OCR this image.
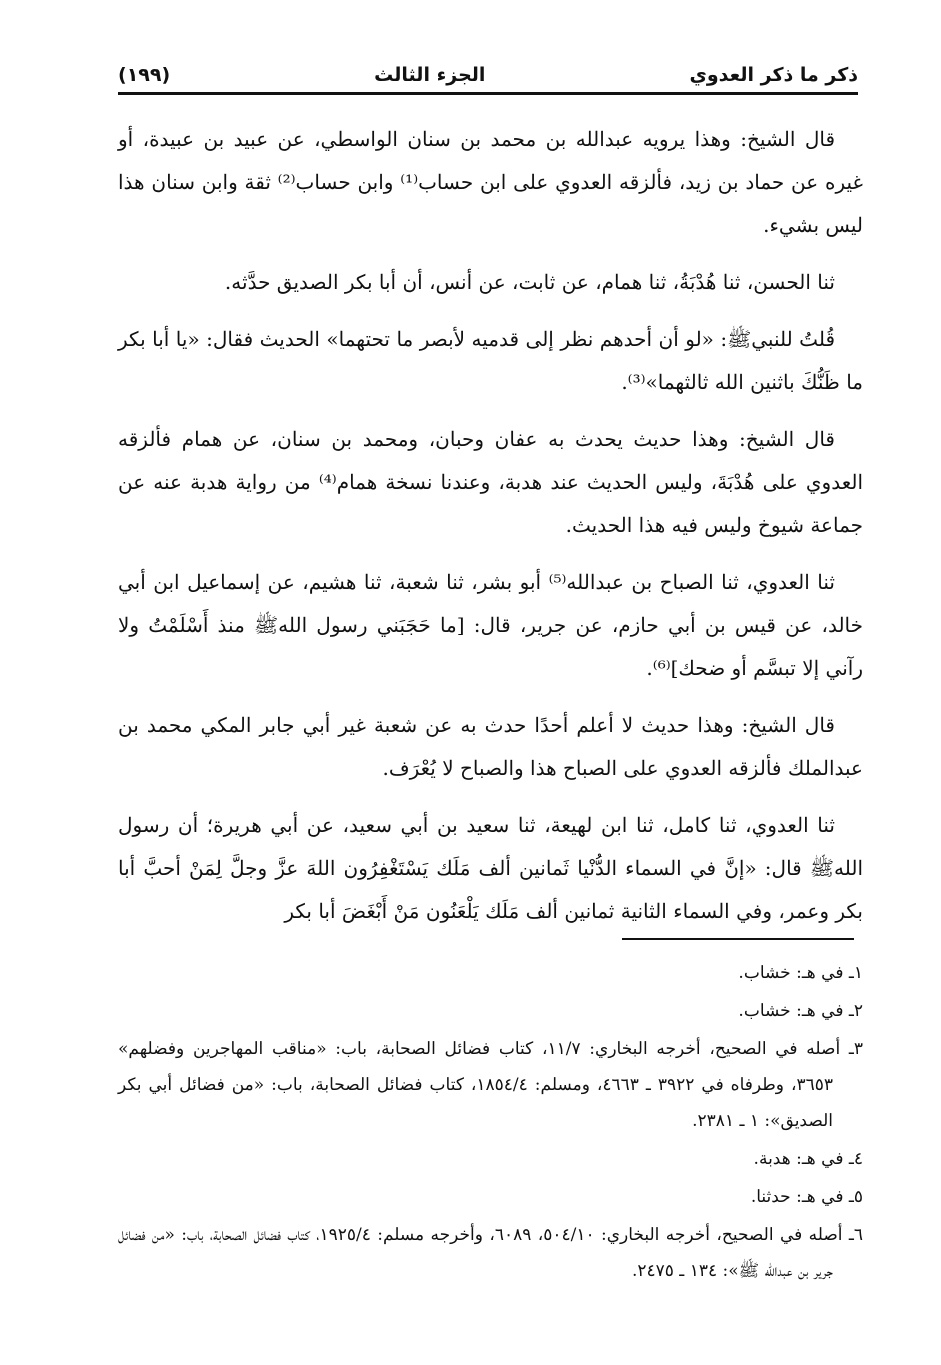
ذكر ما ذكر العدوي
الجزء الثالث
(١٩٩)

قال الشيخ: وهذا يرويه عبدالله بن محمد بن سنان الواسطي، عن عبيد بن عبيدة، أو غيره عن حماد بن زيد، فألزقه العدوي على ابن حساب⁽¹⁾ وابن حساب⁽²⁾ ثقة وابن سنان هذا ليس بشيء.

ثنا الحسن، ثنا هُدْبَةُ، ثنا همام، عن ثابت، عن أنس، أن أبا بكر الصديق حدَّثه.

قُلتُ للنبيﷺ: «لو أن أحدهم نظر إلى قدميه لأبصر ما تحتهما» الحديث فقال: «يا أبا بكر ما ظَنُّكَ باثنين الله ثالثهما»⁽³⁾.

قال الشيخ: وهذا حديث يحدث به عفان وحبان، ومحمد بن سنان، عن همام فألزقه العدوي على هُدْبَةَ، وليس الحديث عند هدبة، وعندنا نسخة همام⁽⁴⁾ من رواية هدبة عنه عن جماعة شيوخ وليس فيه هذا الحديث.

ثنا العدوي، ثنا الصباح بن عبدالله⁽⁵⁾ أبو بشر، ثنا شعبة، ثنا هشيم، عن إسماعيل ابن أبي خالد، عن قيس بن أبي حازم، عن جرير، قال: [ما حَجَبَني رسول اللهﷺ منذ أَسْلَمْتُ ولا رآني إلا تبسَّم أو ضحك]⁽⁶⁾.

قال الشيخ: وهذا حديث لا أعلم أحدًا حدث به عن شعبة غير أبي جابر المكي محمد بن عبدالملك فألزقه العدوي على الصباح هذا والصباح لا يُعْرَف.

ثنا العدوي، ثنا كامل، ثنا ابن لهيعة، ثنا سعيد بن أبي سعيد، عن أبي هريرة؛ أن رسول اللهﷺ قال: «إنَّ في السماء الدُّنْيا ثَمانين ألف مَلَك يَسْتَغْفِرُون اللهَ عزَّ وجلَّ لِمَنْ أحبَّ أبا بكر وعمر، وفي السماء الثانية ثمانين ألف مَلَك يَلْعَنُون مَنْ أَبْغَضَ أبا بكر

١ـ في هـ: خشاب.

٢ـ في هـ: خشاب.

٣ـ أصله في الصحيح، أخرجه البخاري: ١١/٧، كتاب فضائل الصحابة، باب: «مناقب المهاجرين وفضلهم» ٣٦٥٣، وطرفاه في ٣٩٢٢ ـ ٤٦٦٣، ومسلم: ١٨٥٤/٤، كتاب فضائل الصحابة، باب: «من فضائل أبي بكر الصديق»: ١ ـ ٢٣٨١.

٤ـ في هـ: هدبة.

٥ـ في هـ: حدثنا.

٦ـ أصله في الصحيح، أخرجه البخاري: ٥٠٤/١٠، ٦٠٨٩، وأخرجه مسلم: ١٩٢٥/٤، كتاب فضائل الصحابة، باب: «من فضائل جرير بن عبدالله ﷺ»: ١٣٤ ـ ٢٤٧٥.
